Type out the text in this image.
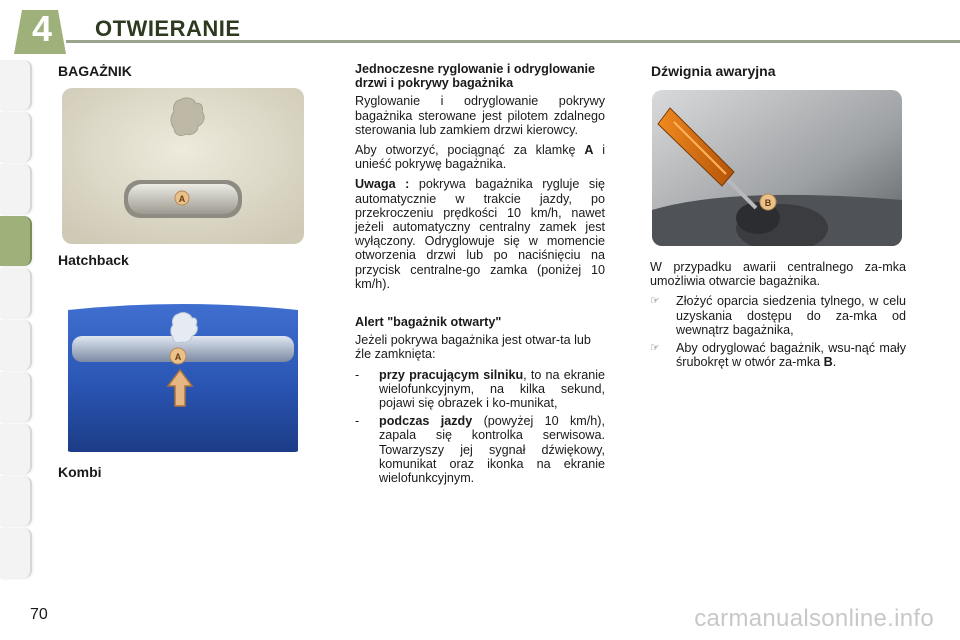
4	OTWIERANIE
BAGAŻNIK
A
Hatchback
A
Kombi
Jednoczesne ryglowanie i odryglowanie drzwi i pokrywy bagażnika

Ryglowanie i odryglowanie pokrywy bagażnika sterowane jest pilotem zdalnego sterowania lub zamkiem drzwi kierowcy.

Aby otworzyć, pociągnąć za klamkę A i unieść pokrywę bagażnika.

Uwaga : pokrywa bagażnika rygluje się automatycznie w trakcie jazdy, po przekroczeniu prędkości 10 km/h, nawet jeżeli automatyczny centralny zamek jest wyłączony. Odryglowuje się w momencie otworzenia drzwi lub po naciśnięciu na przycisk centralne-go zamka (poniżej 10 km/h).

Alert "bagażnik otwarty"

Jeżeli pokrywa bagażnika jest otwar-ta lub źle zamknięta:

-	przy pracującym silniku, to na ekranie wielofunkcyjnym, na kilka sekund, pojawi się obrazek i ko-munikat,
-	podczas jazdy (powyżej 10 km/h), zapala się kontrolka serwisowa. Towarzyszy jej sygnał dźwiękowy, komunikat oraz ikonka na ekranie wielofunkcyjnym.
Dźwignia awaryjna
B

W przypadku awarii centralnego za-mka umożliwia otwarcie bagażnika.

☞	Złożyć oparcia siedzenia tylnego, w celu uzyskania dostępu do za-mka od wewnątrz bagażnika,
☞	Aby odryglować bagażnik, wsu-nąć mały śrubokręt w otwór za-mka B.
70	carmanualsonline.info
